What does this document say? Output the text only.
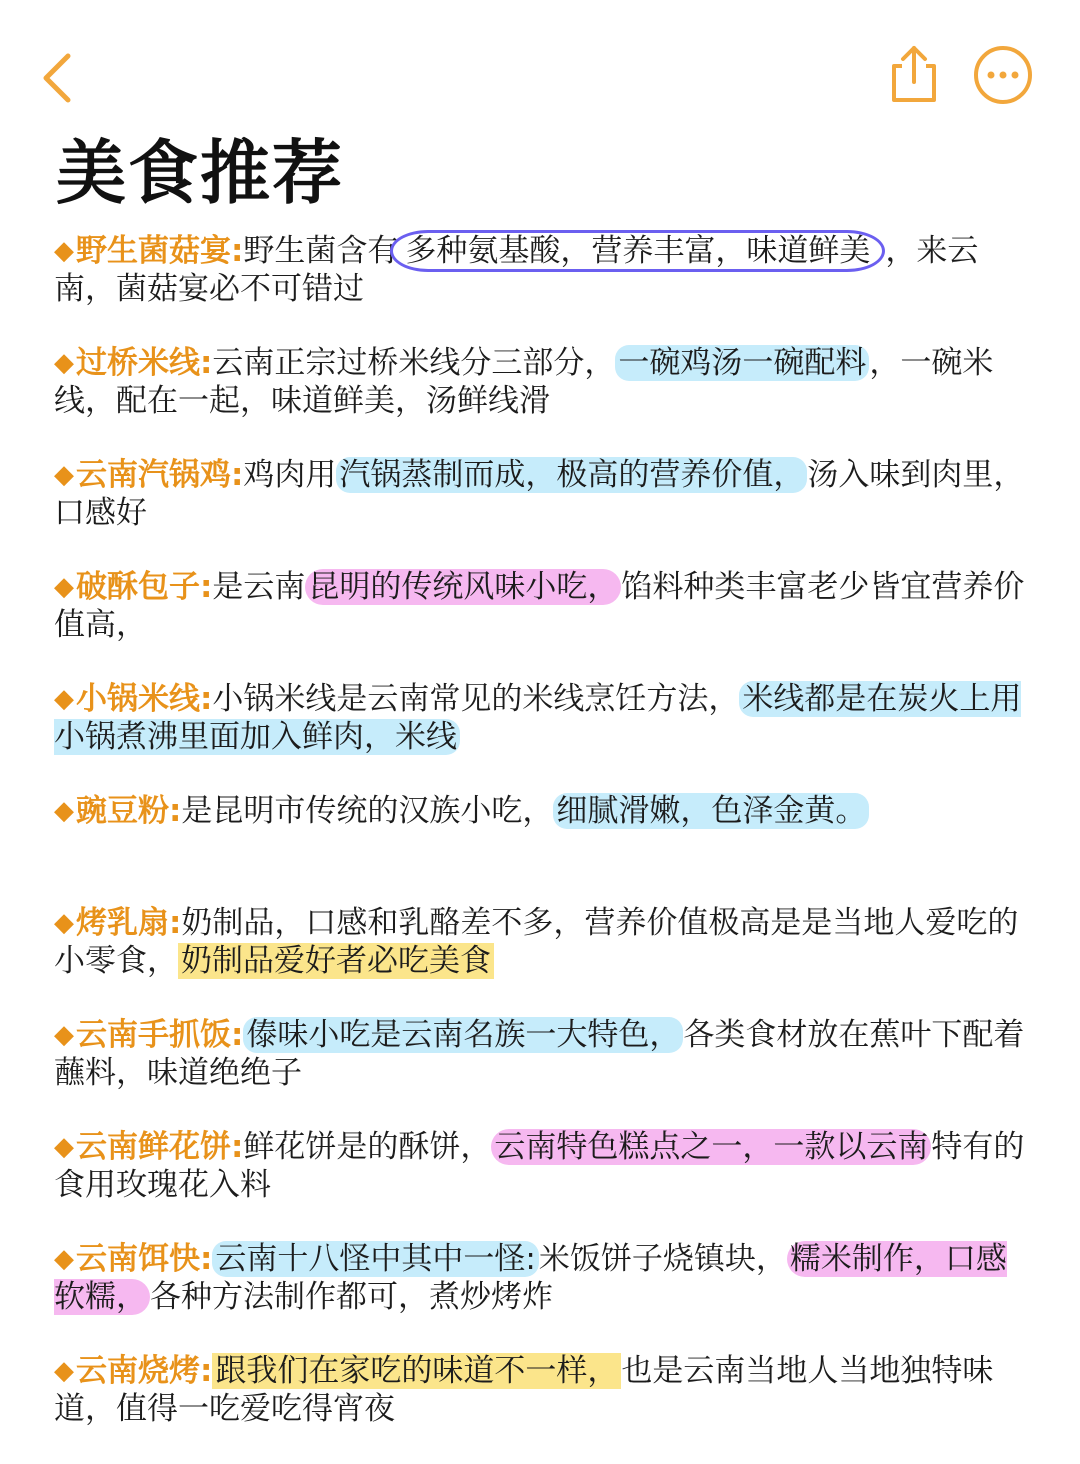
美食推荐

◆野生菌菇宴:野生菌含有 多种氨基酸，营养丰富，味道鲜美 ，来云南，菌菇宴必不可错过

◆过桥米线:云南正宗过桥米线分三部分，一碗鸡汤一碗配料，一碗米线，配在一起，味道鲜美，汤鲜线滑

◆云南汽锅鸡:鸡肉用汽锅蒸制而成，极高的营养价值，汤入味到肉里，口感好

◆破酥包子:是云南昆明的传统风味小吃，馅料种类丰富老少皆宜营养价值高，

◆小锅米线:小锅米线是云南常见的米线烹饪方法，米线都是在炭火上用小锅煮沸里面加入鲜肉，米线

◆豌豆粉:是昆明市传统的汉族小吃，细腻滑嫩，色泽金黄。

◆烤乳扇:奶制品，口感和乳酪差不多，营养价值极高是是当地人爱吃的小零食，奶制品爱好者必吃美食

◆云南手抓饭:傣味小吃是云南名族一大特色，各类食材放在蕉叶下配着蘸料，味道绝绝子

◆云南鲜花饼:鲜花饼是的酥饼，云南特色糕点之一，一款以云南特有的食用玫瑰花入料

◆云南饵快:云南十八怪中其中一怪:米饭饼子烧镇块，糯米制作，口感软糯，各种方法制作都可，煮炒烤炸

◆云南烧烤:跟我们在家吃的味道不一样，也是云南当地人当地独特味道，值得一吃爱吃得宵夜
